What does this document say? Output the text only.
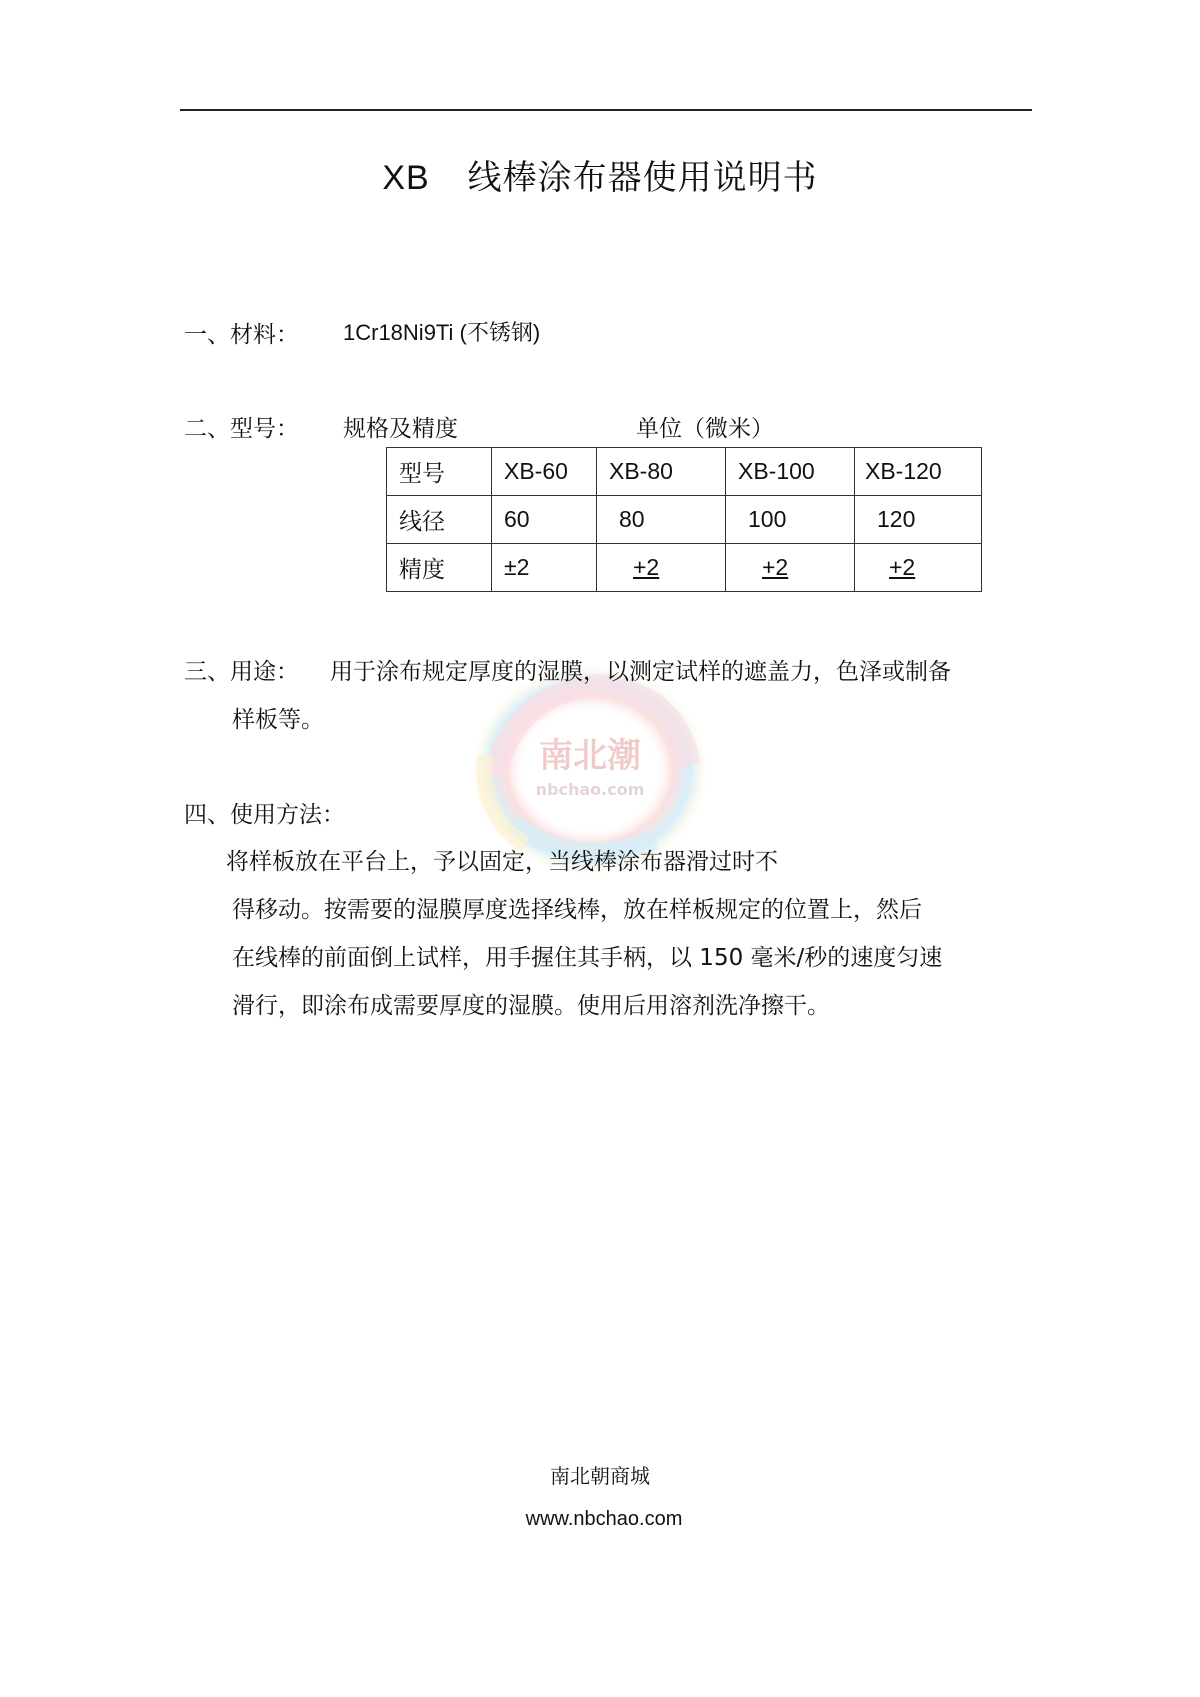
XB 线棒涂布器使用说明书
一、材料： 1Cr18Ni9Ti (不锈钢)
二、型号： 规格及精度	单位（微米）
型号	XB-60	XB-80	XB-100	XB-120
线径	60	80	100	120
精度	±2	+2	+2	+2
南北潮
nbchao.com
三、用途： 用于涂布规定厚度的湿膜，以测定试样的遮盖力，色泽或制备
样板等。
四、使用方法：
将样板放在平台上，予以固定，当线棒涂布器滑过时不
得移动。按需要的湿膜厚度选择线棒，放在样板规定的位置上，然后
在线棒的前面倒上试样，用手握住其手柄，以 150 毫米/秒的速度匀速
滑行，即涂布成需要厚度的湿膜。使用后用溶剂洗净擦干。
南北朝商城
www.nbchao.com
